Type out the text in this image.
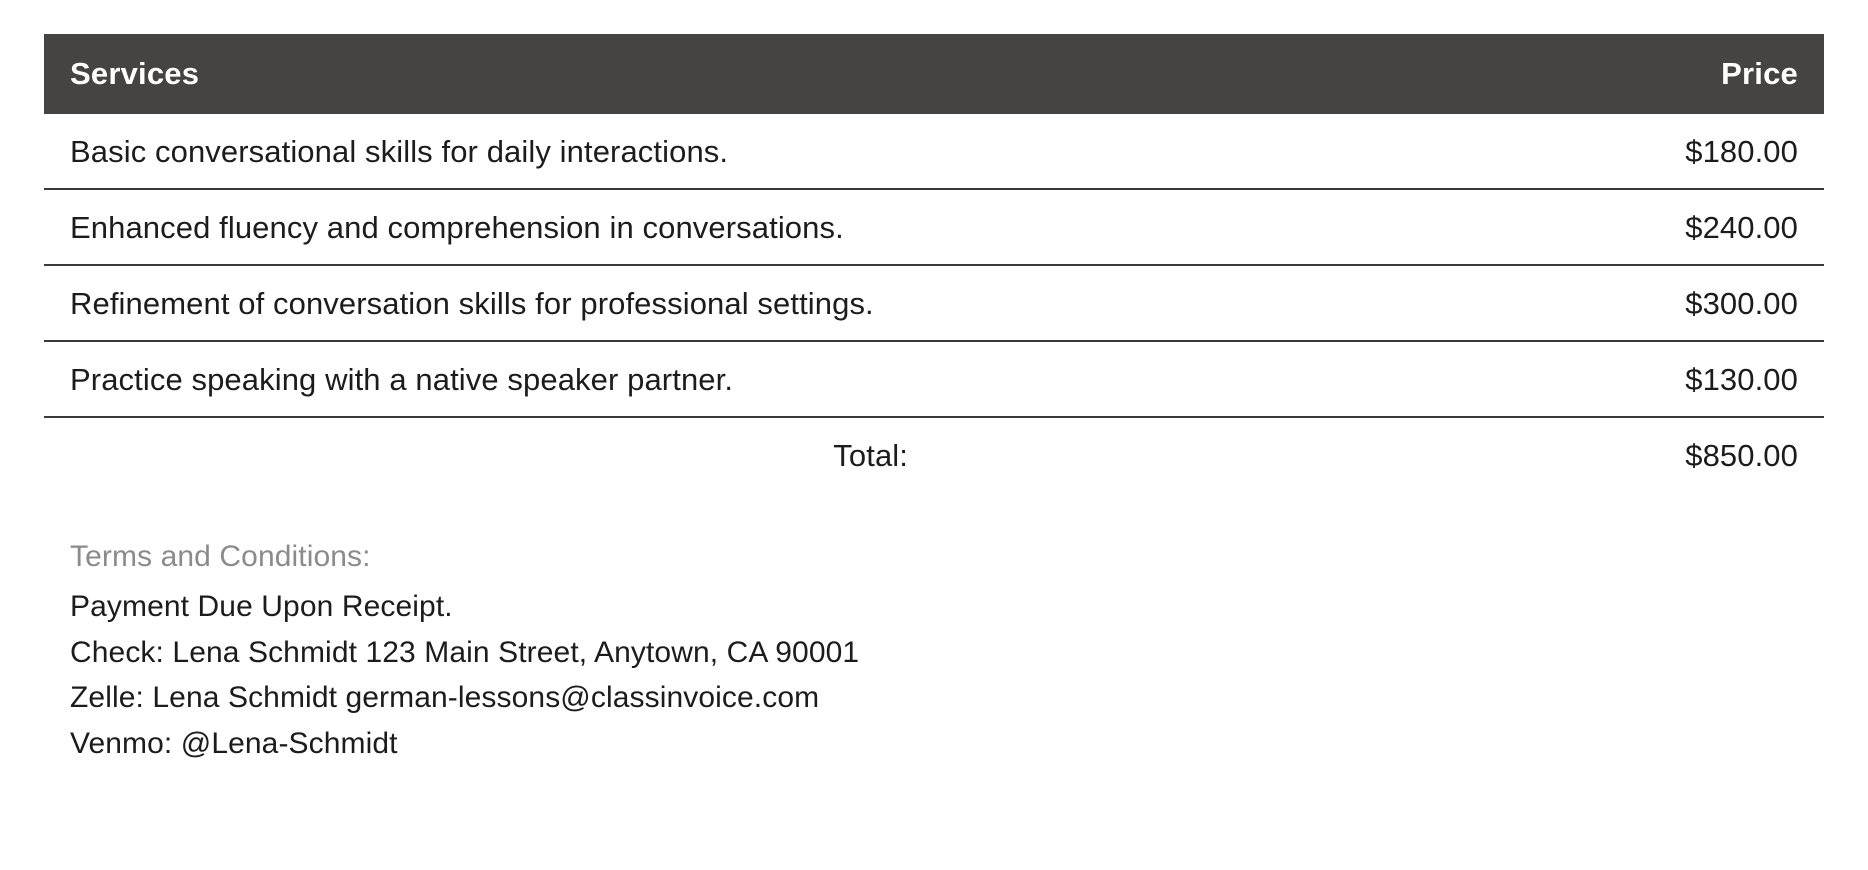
Services	Price
Basic conversational skills for daily interactions.	$180.00
Enhanced fluency and comprehension in conversations.	$240.00
Refinement of conversation skills for professional settings.	$300.00
Practice speaking with a native speaker partner.	$130.00
Total:	$850.00
Terms and Conditions:
Payment Due Upon Receipt.
Check: Lena Schmidt 123 Main Street, Anytown, CA 90001
Zelle: Lena Schmidt german-lessons@classinvoice.com
Venmo: @Lena-Schmidt
